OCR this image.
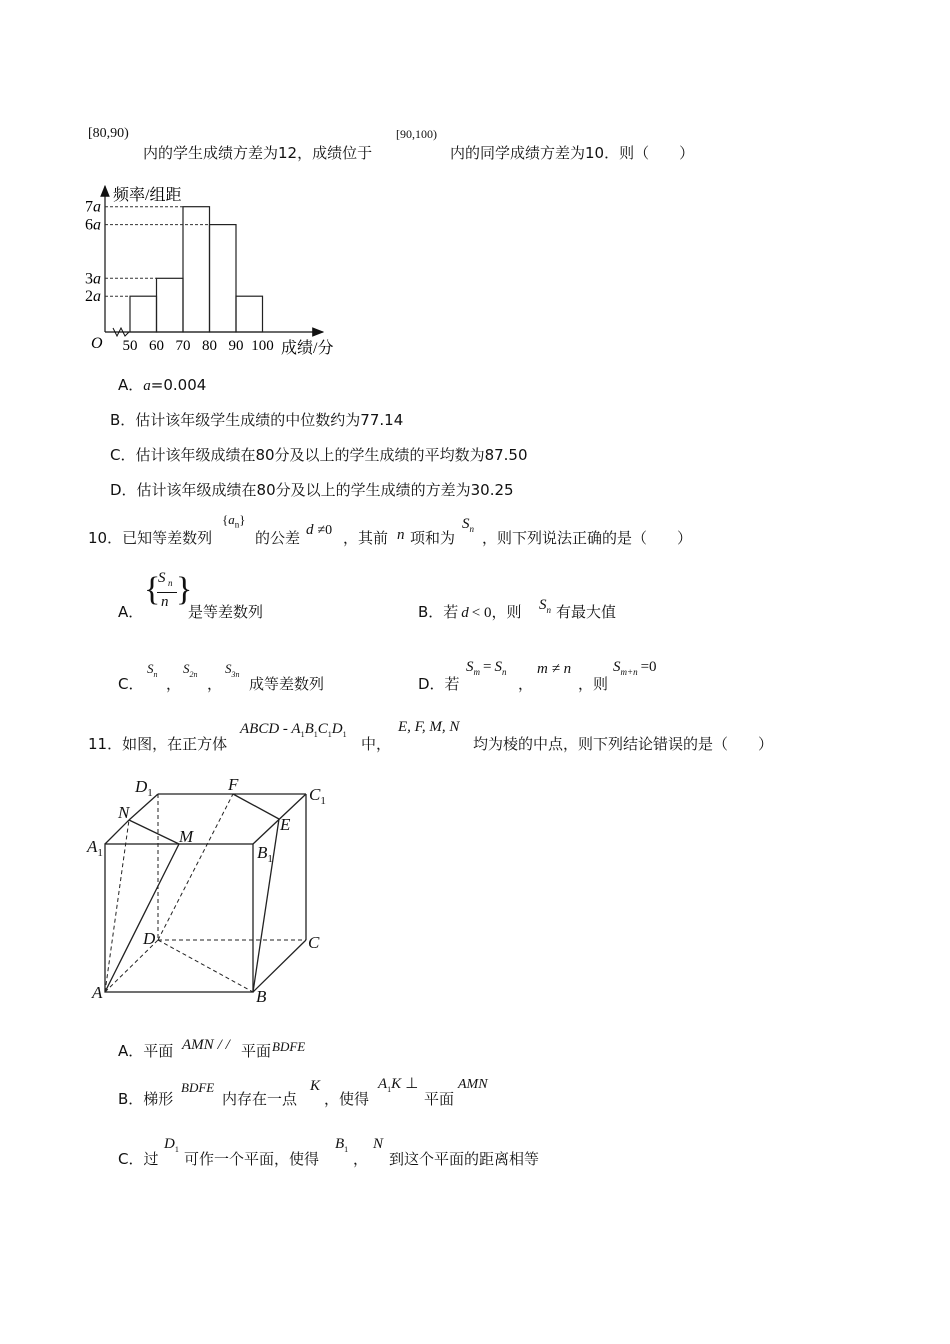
[80,90)
内的学生成绩方差为12，成绩位于
[90,100)
内的同学成绩方差为10．则（　　）
2a
3a
6a
7a
50 60 70 80 90 100
频率/组距
成绩/分
O
A．a=0.004
B．估计该年级学生成绩的中位数约为77.14
C．估计该年级成绩在80分及以上的学生成绩的平均数为87.50
D．估计该年级成绩在80分及以上的学生成绩的方差为30.25
10．已知等差数列
$\{a_n\}$
的公差 d ≠0 ，其前 n 项和为
$S_n$ ，则下列说法正确的是（　　）
A．
{
S n
n }
是等差数列	B．若 d < 0，则 $S_n$ 有最大值
C．
$S_n$
，
$S_{2n}$
，
$S_{3n}$
成等差数列	D．若
$S_m = S_n$
，
m ≠ n
，则
$S_{m+n} =0$
11．如图，在正方体
ABCD - $A_1B_1C_1D_1$
中，
E, F, M, N
均为棱的中点，则下列结论错误的是（　　）
$D_1$	F
$C_1$
N
E
$A_1$
M
$B_1$
D	C
A	B
A．平面 AMN / / 平面 BDFE
B．梯形
BDFE
内存在一点
K
，使得
$A_1K$ ⊥
平面
AMN
C．过
$D_1$
可作一个平面，使得
$B_1$
，
N
到这个平面的距离相等
